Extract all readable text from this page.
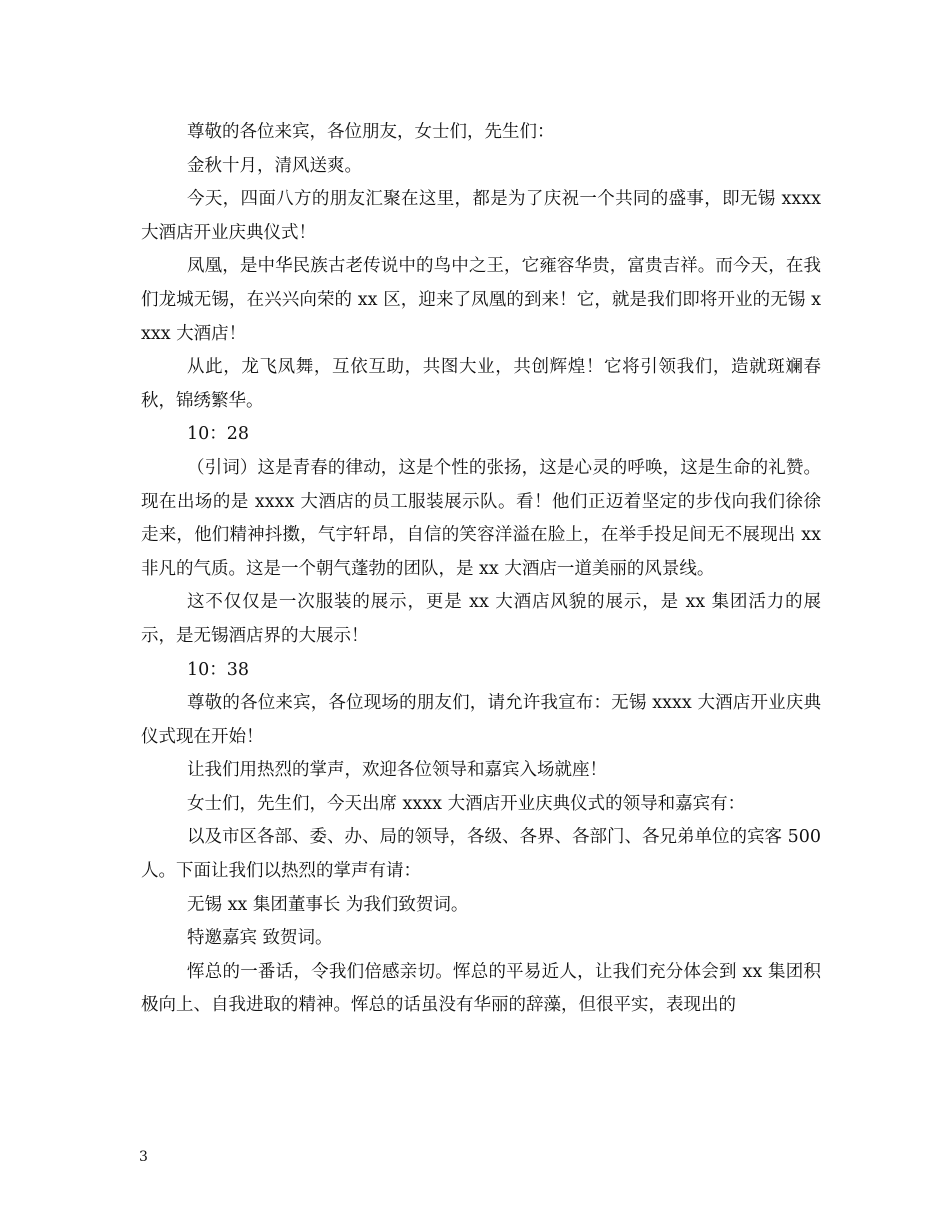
尊敬的各位来宾，各位朋友，女士们，先生们：

金秋十月，清风送爽。

今天，四面八方的朋友汇聚在这里，都是为了庆祝一个共同的盛事，即无锡 xxxx 大酒店开业庆典仪式！

凤凰，是中华民族古老传说中的鸟中之王，它雍容华贵，富贵吉祥。而今天，在我们龙城无锡，在兴兴向荣的 xx 区，迎来了凤凰的到来！它，就是我们即将开业的无锡 xxxx 大酒店！

从此，龙飞凤舞，互依互助，共图大业，共创辉煌！它将引领我们，造就斑斓春秋，锦绣繁华。

10：28

（引词）这是青春的律动，这是个性的张扬，这是心灵的呼唤，这是生命的礼赞。现在出场的是 xxxx 大酒店的员工服装展示队。看！他们正迈着坚定的步伐向我们徐徐走来，他们精神抖擞，气宇轩昂，自信的笑容洋溢在脸上，在举手投足间无不展现出 xx 非凡的气质。这是一个朝气蓬勃的团队，是 xx 大酒店一道美丽的风景线。

这不仅仅是一次服装的展示，更是 xx 大酒店风貌的展示，是 xx 集团活力的展示，是无锡酒店界的大展示！

10：38

尊敬的各位来宾，各位现场的朋友们，请允许我宣布：无锡 xxxx 大酒店开业庆典仪式现在开始！

让我们用热烈的掌声，欢迎各位领导和嘉宾入场就座！

女士们，先生们，今天出席 xxxx 大酒店开业庆典仪式的领导和嘉宾有：

以及市区各部、委、办、局的领导，各级、各界、各部门、各兄弟单位的宾客 500 人。下面让我们以热烈的掌声有请：

无锡 xx 集团董事长 为我们致贺词。

特邀嘉宾 致贺词。

恽总的一番话，令我们倍感亲切。恽总的平易近人，让我们充分体会到 xx 集团积极向上、自我进取的精神。恽总的话虽没有华丽的辞藻，但很平实，表现出的

3
